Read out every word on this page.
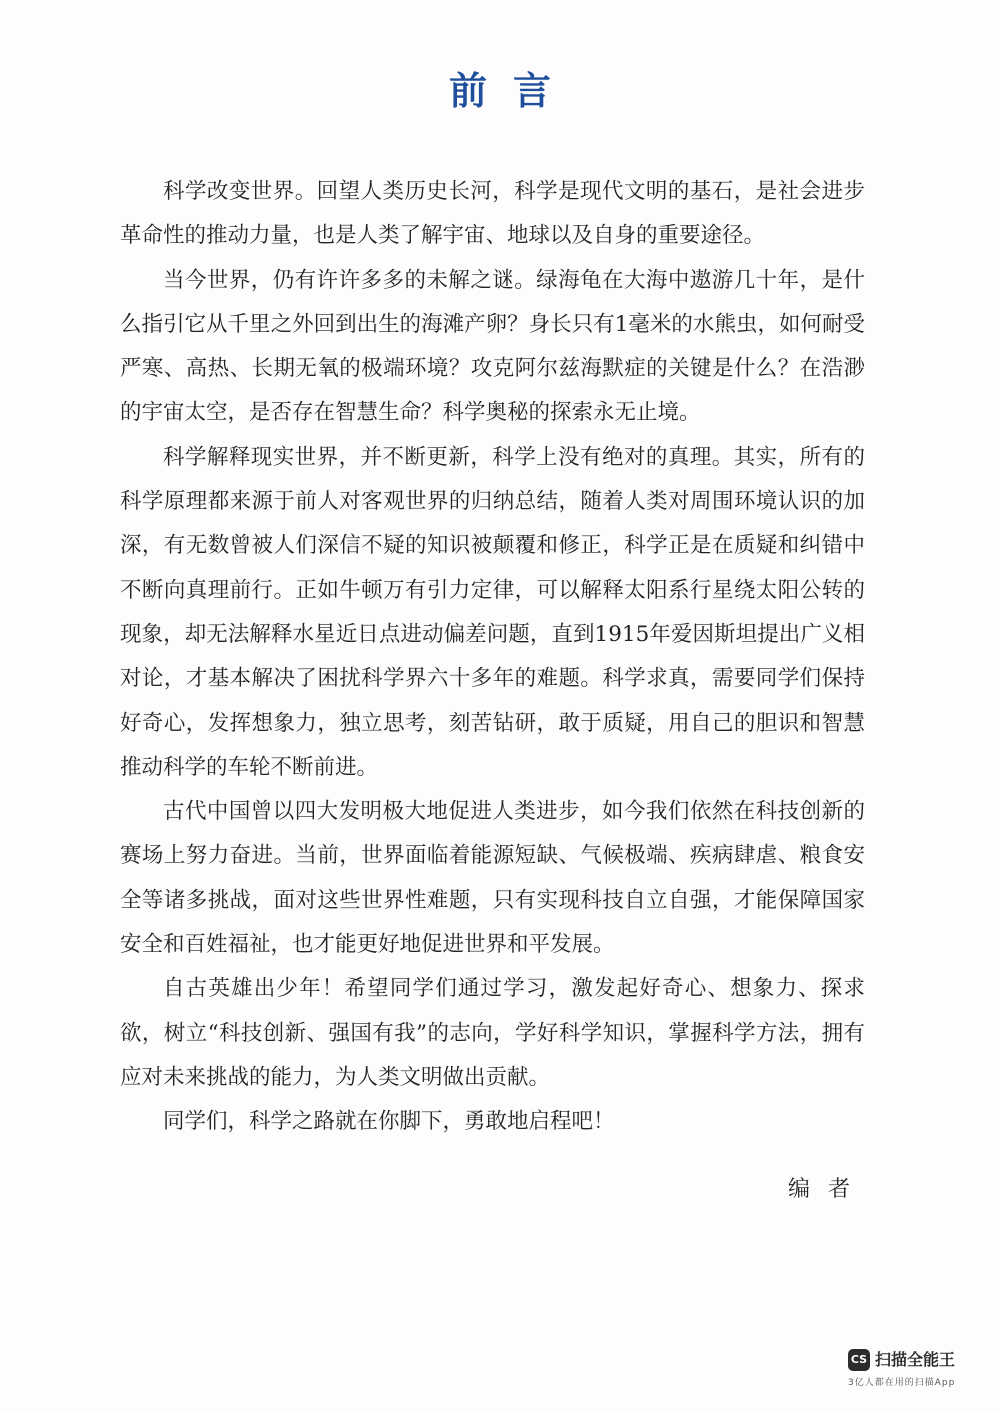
前言

科学改变世界。回望人类历史长河，科学是现代文明的基石，是社会进步革命性的推动力量，也是人类了解宇宙、地球以及自身的重要途径。

当今世界，仍有许许多多的未解之谜。绿海龟在大海中遨游几十年，是什么指引它从千里之外回到出生的海滩产卵？身长只有1毫米的水熊虫，如何耐受严寒、高热、长期无氧的极端环境？攻克阿尔兹海默症的关键是什么？在浩渺的宇宙太空，是否存在智慧生命？科学奥秘的探索永无止境。

科学解释现实世界，并不断更新，科学上没有绝对的真理。其实，所有的科学原理都来源于前人对客观世界的归纳总结，随着人类对周围环境认识的加深，有无数曾被人们深信不疑的知识被颠覆和修正，科学正是在质疑和纠错中不断向真理前行。正如牛顿万有引力定律，可以解释太阳系行星绕太阳公转的现象，却无法解释水星近日点进动偏差问题，直到1915年爱因斯坦提出广义相对论，才基本解决了困扰科学界六十多年的难题。科学求真，需要同学们保持好奇心，发挥想象力，独立思考，刻苦钻研，敢于质疑，用自己的胆识和智慧推动科学的车轮不断前进。

古代中国曾以四大发明极大地促进人类进步，如今我们依然在科技创新的赛场上努力奋进。当前，世界面临着能源短缺、气候极端、疾病肆虐、粮食安全等诸多挑战，面对这些世界性难题，只有实现科技自立自强，才能保障国家安全和百姓福祉，也才能更好地促进世界和平发展。

自古英雄出少年！希望同学们通过学习，激发起好奇心、想象力、探求欲，树立“科技创新、强国有我”的志向，学好科学知识，掌握科学方法，拥有应对未来挑战的能力，为人类文明做出贡献。

同学们，科学之路就在你脚下，勇敢地启程吧！

编者
CS 扫描全能王
3亿人都在用的扫描App
